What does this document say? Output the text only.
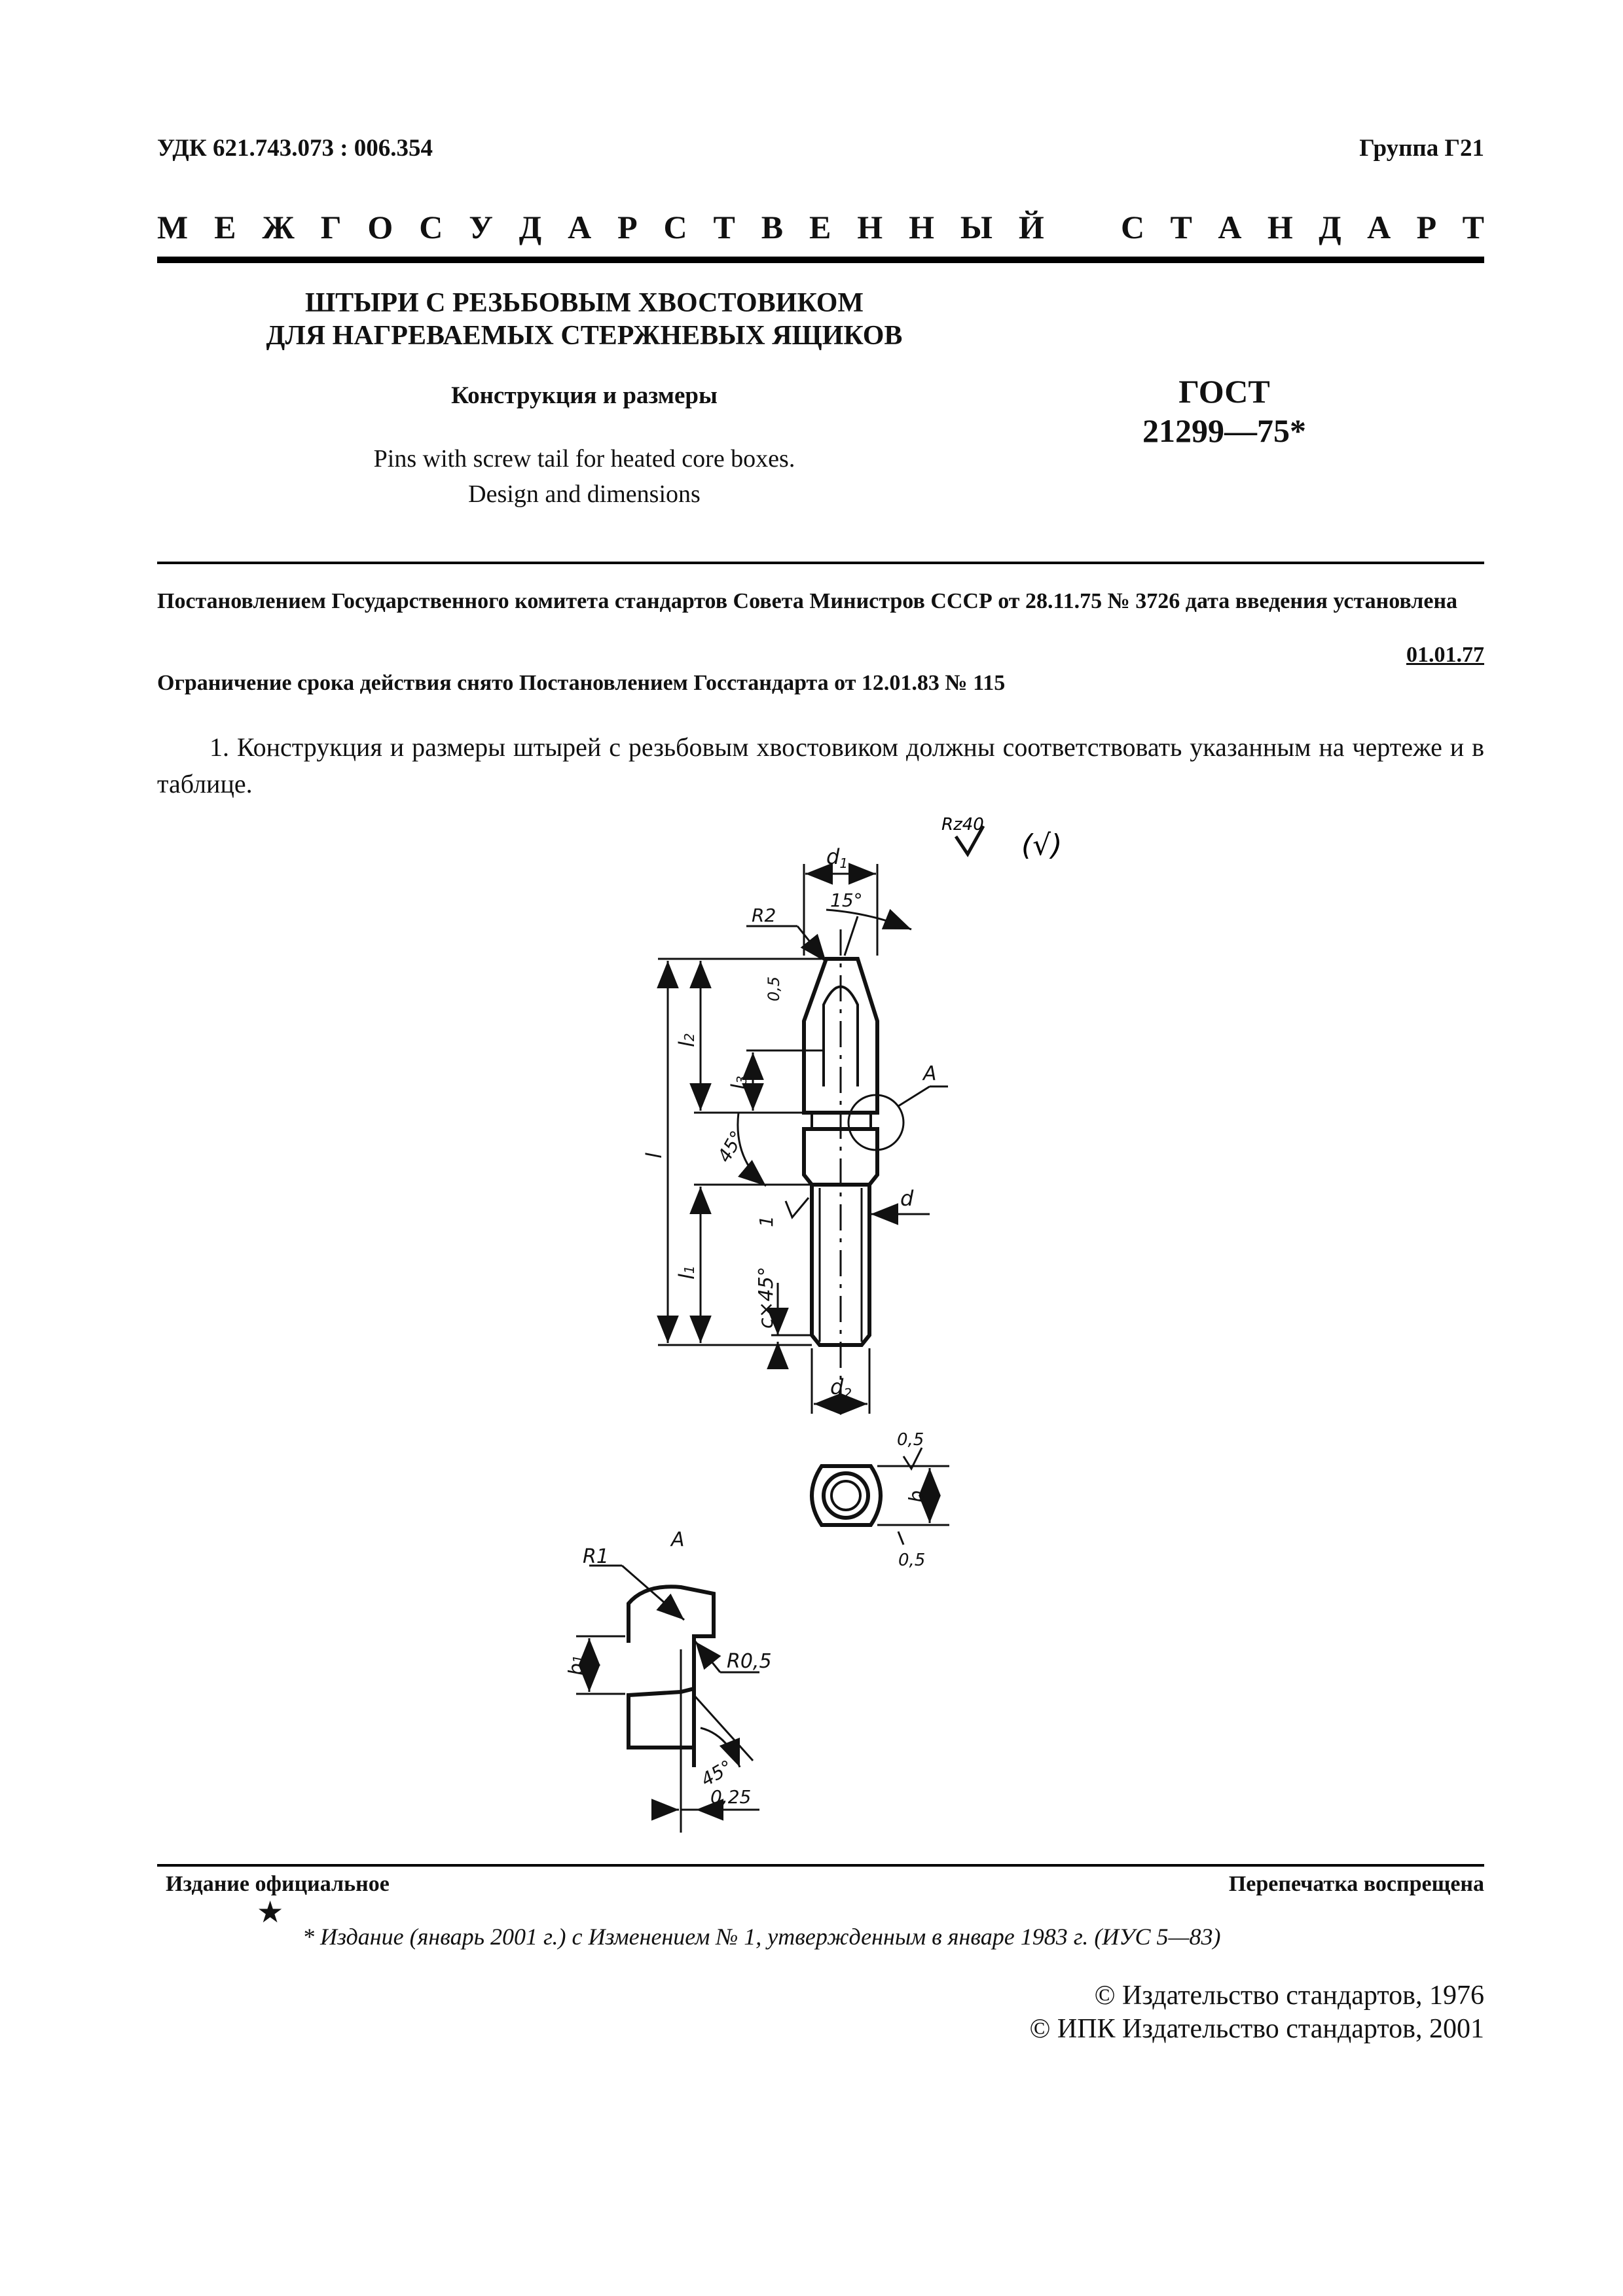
УДК 621.743.073 : 006.354	Группа Г21
М Е Ж Г О С У Д А Р С Т В Е Н Н Ы Й С Т А Н Д А Р Т
ШТЫРИ С РЕЗЬБОВЫМ ХВОСТОВИКОМ
ДЛЯ НАГРЕВАЕМЫХ СТЕРЖНЕВЫХ ЯЩИКОВ
Конструкция и размеры
Pins with screw tail for heated core boxes.
Design and dimensions
ГОСТ
21299—75*
Постановлением Государственного комитета стандартов Совета Министров СССР от 28.11.75 № 3726 дата введения установлена
01.01.77
Ограничение срока действия снято Постановлением Госстандарта от 12.01.83 № 115
1. Конструкция и размеры штырей с резьбовым хвостовиком должны соответствовать указанным на чертеже и в таблице.
Rz40
(√)
d1
15°
R2
0,5
l2
l3
l	45°
A
d
1
l1	c×45°
d2
0,5
b
0,5
A
R1
b1	R0,5
45°
0,25
Издание официальное	Перепечатка воспрещена
★
* Издание (январь 2001 г.) с Изменением № 1, утвержденным в январе 1983 г. (ИУС 5—83)
© Издательство стандартов, 1976
© ИПК Издательство стандартов, 2001
